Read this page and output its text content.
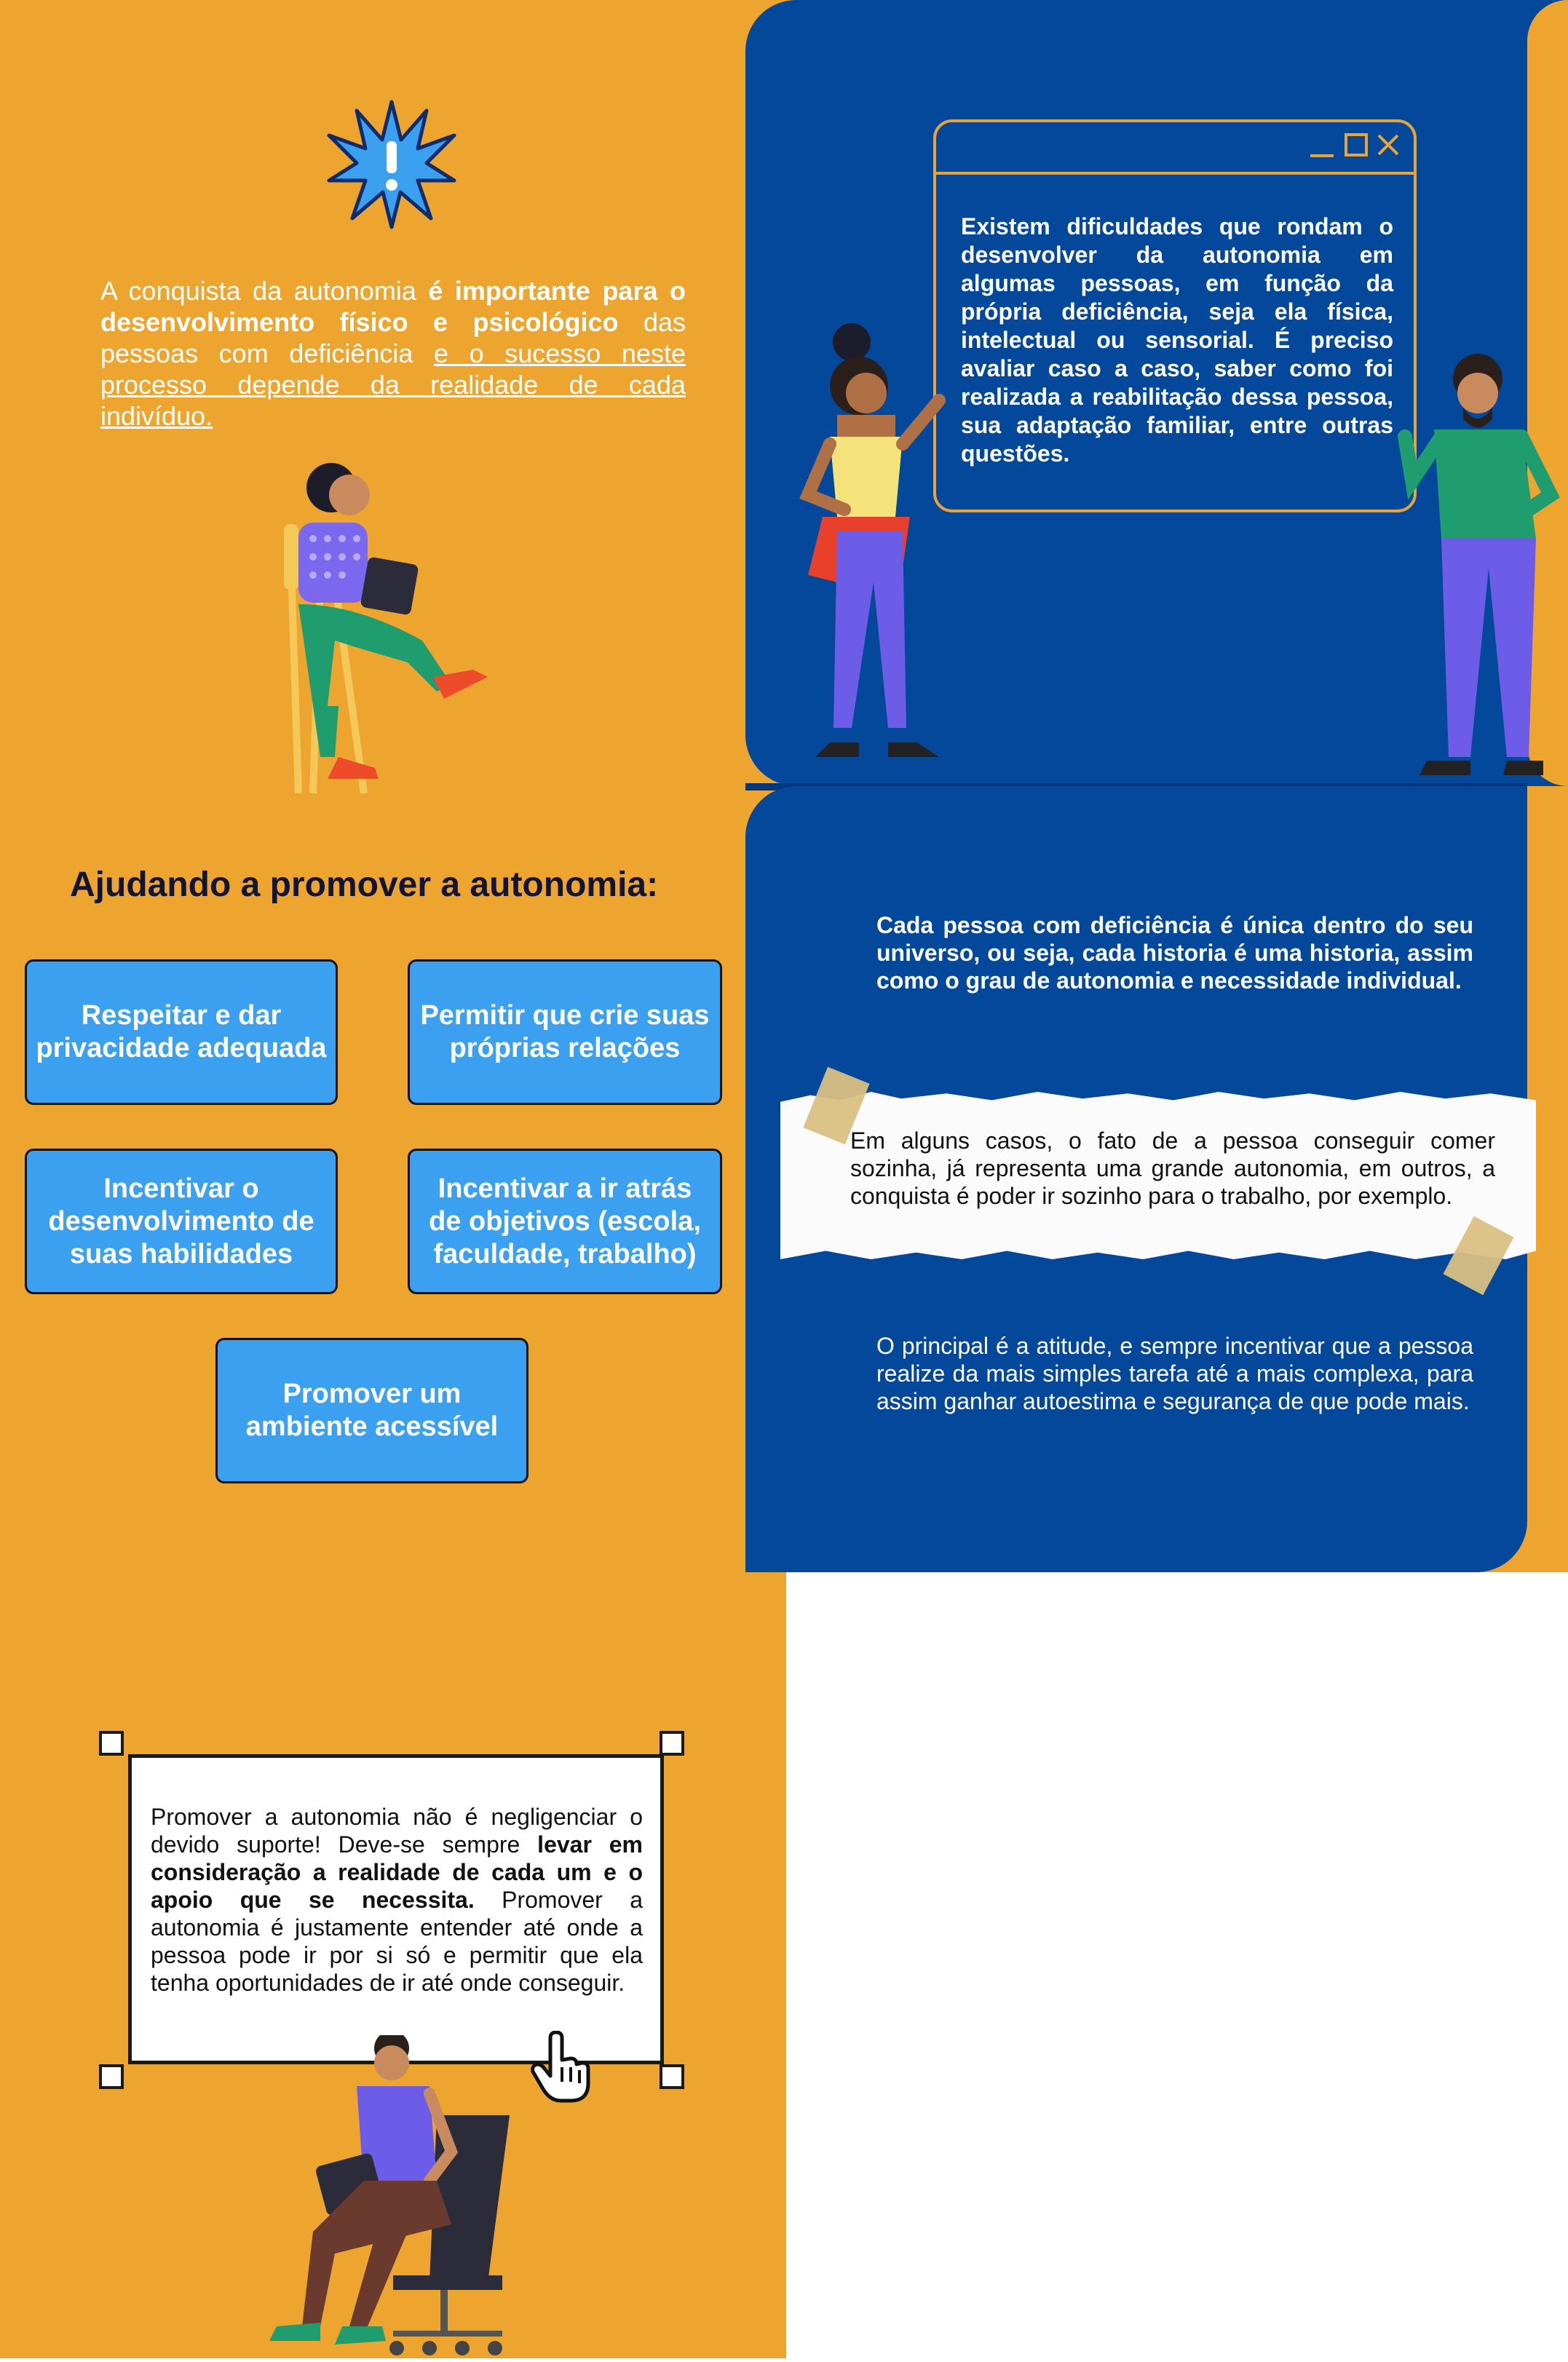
A conquista da autonomia é importante para o desenvolvimento físico e psicológico das pessoas com deficiência e o sucesso neste processo depende da realidade de cada indivíduo.
Existem dificuldades que rondam o desenvolver da autonomia em algumas pessoas, em função da própria deficiência, seja ela física, intelectual ou sensorial. É preciso avaliar caso a caso, saber como foi realizada a reabilitação dessa pessoa, sua adaptação familiar, entre outras questões.
Ajudando a promover a autonomia:
Respeitar e dar privacidade adequada
Permitir que crie suas próprias relações
Incentivar o desenvolvimento de suas habilidades
Incentivar a ir atrás de objetivos (escola, faculdade, trabalho)
Promover um ambiente acessível
Cada pessoa com deficiência é única dentro do seu universo, ou seja, cada historia é uma historia, assim como o grau de autonomia e necessidade individual.
Em alguns casos, o fato de a pessoa conseguir comer sozinha, já representa uma grande autonomia, em outros, a conquista é poder ir sozinho para o trabalho, por exemplo.
O principal é a atitude, e sempre incentivar que a pessoa realize da mais simples tarefa até a mais complexa, para assim ganhar autoestima e segurança de que pode mais.
Promover a autonomia não é negligenciar o devido suporte! Deve-se sempre levar em consideração a realidade de cada um e o apoio que se necessita. Promover a autonomia é justamente entender até onde a pessoa pode ir por si só e permitir que ela tenha oportunidades de ir até onde conseguir.
